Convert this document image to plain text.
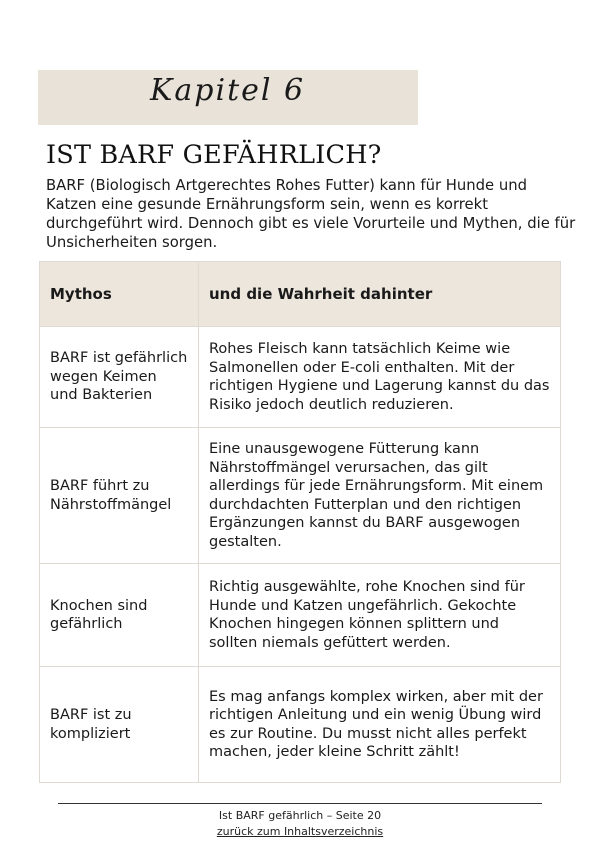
Kapitel 6
IST BARF GEFÄHRLICH?

BARF (Biologisch Artgerechtes Rohes Futter) kann für Hunde und Katzen eine gesunde Ernährungsform sein, wenn es korrekt durchgeführt wird. Dennoch gibt es viele Vorurteile und Mythen, die für Unsicherheiten sorgen.

Mythos	und die Wahrheit dahinter
BARF ist gefährlich wegen Keimen und Bakterien	Rohes Fleisch kann tatsächlich Keime wie Salmonellen oder E-coli enthalten. Mit der richtigen Hygiene und Lagerung kannst du das Risiko jedoch deutlich reduzieren.
BARF führt zu Nährstoffmängel	Eine unausgewogene Fütterung kann Nährstoffmängel verursachen, das gilt allerdings für jede Ernährungsform. Mit einem durchdachten Futterplan und den richtigen Ergänzungen kannst du BARF ausgewogen gestalten.
Knochen sind gefährlich	Richtig ausgewählte, rohe Knochen sind für Hunde und Katzen ungefährlich. Gekochte Knochen hingegen können splittern und sollten niemals gefüttert werden.
BARF ist zu kompliziert	Es mag anfangs komplex wirken, aber mit der richtigen Anleitung und ein wenig Übung wird es zur Routine. Du musst nicht alles perfekt machen, jeder kleine Schritt zählt!
Ist BARF gefährlich – Seite 20
zurück zum Inhaltsverzeichnis
